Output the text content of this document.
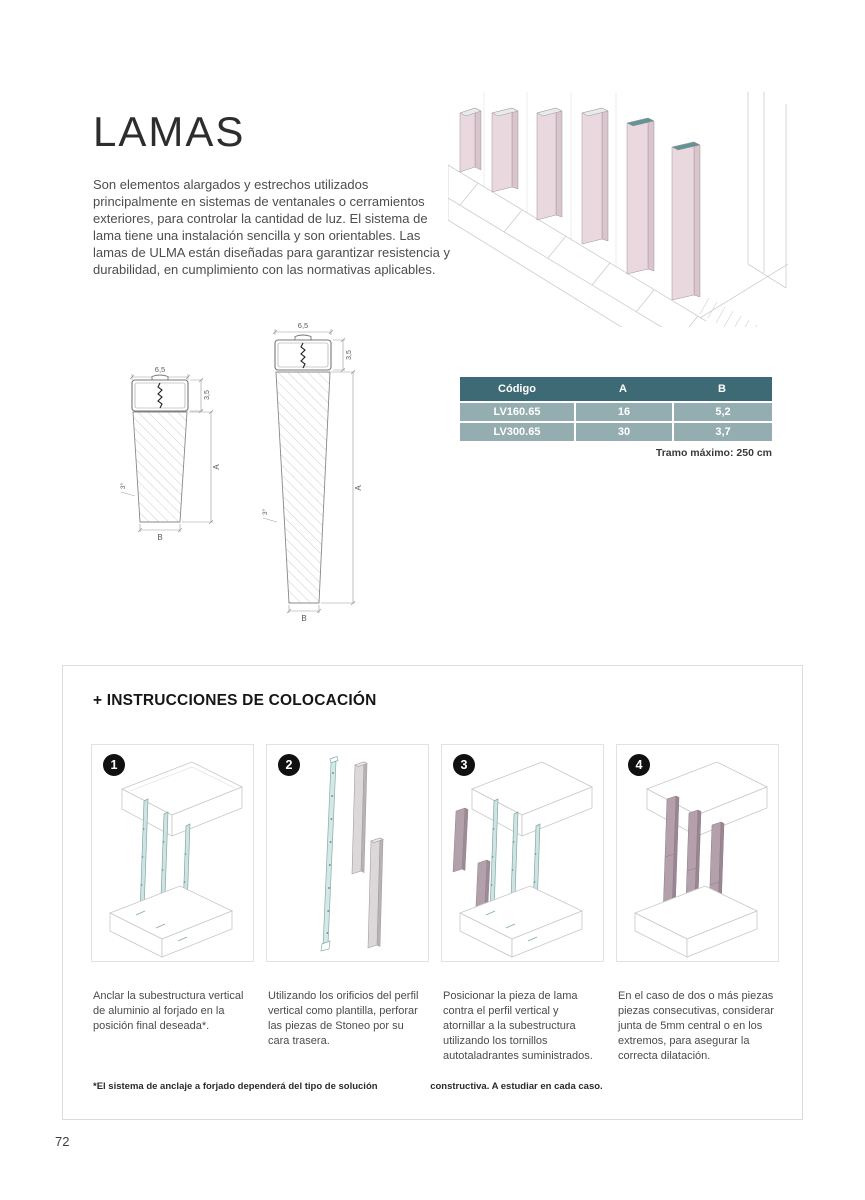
LAMAS
Son elementos alargados y estrechos utilizados principalmente en sistemas de ventanales o cerramientos exteriores, para controlar la cantidad de luz. El sistema de lama tiene una instalación sencilla y son orientables. Las lamas de ULMA están diseñadas para garantizar resistencia y durabilidad, en cumplimiento con las normativas aplicables.
6,5
3,5
A
B
3°
6,5
3,5
A
B
3°
Código	A	B
LV160.65	16	5,2
LV300.65	30	3,7
Tramo máximo: 250 cm
+ INSTRUCCIONES DE COLOCACIÓN
1	2	3	4
Anclar la subestructura vertical de aluminio al forjado en la posición final deseada*.
Utilizando los orificios del perfil vertical como plantilla, perforar las piezas de Stoneo por su cara trasera.
Posicionar la pieza de lama contra el perfil vertical y atornillar a la subestructura utilizando los tornillos autotaladrantes suministrados.
En el caso de dos o más piezas piezas consecutivas, considerar junta de 5mm central o en los extremos, para asegurar la correcta dilatación.
*El sistema de anclaje a forjado dependerá del tipo de solución	constructiva. A estudiar en cada caso.
72
